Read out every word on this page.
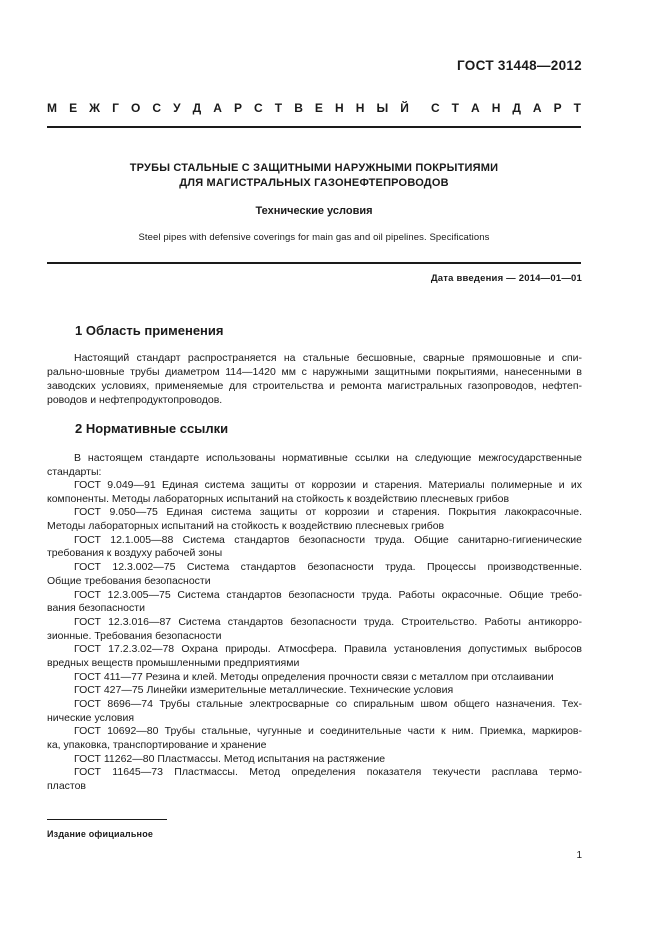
ГОСТ 31448—2012
М Е Ж Г О С У Д А Р С Т В Е Н Н Ы Й С Т А Н Д А Р Т
ТРУБЫ СТАЛЬНЫЕ С ЗАЩИТНЫМИ НАРУЖНЫМИ ПОКРЫТИЯМИ
ДЛЯ МАГИСТРАЛЬНЫХ ГАЗОНЕФТЕПРОВОДОВ
Технические условия
Steel pipes with defensive coverings for main gas and oil pipelines. Specifications
Дата введения — 2014—01—01
1 Область применения
Настоящий стандарт распространяется на стальные бесшовные, сварные прямошовные и спи-
рально-шовные трубы диаметром 114—1420 мм с наружными защитными покрытиями, нанесенными в
заводских условиях, применяемые для строительства и ремонта магистральных газопроводов, нефтеп-
роводов и нефтепродуктопроводов.
2 Нормативные ссылки
В настоящем стандарте использованы нормативные ссылки на следующие межгосударственные
стандарты:
ГОСТ 9.049—91 Единая система защиты от коррозии и старения. Материалы полимерные и их
компоненты. Методы лабораторных испытаний на стойкость к воздействию плесневых грибов
ГОСТ 9.050—75 Единая система защиты от коррозии и старения. Покрытия лакокрасочные.
Методы лабораторных испытаний на стойкость к воздействию плесневых грибов
ГОСТ 12.1.005—88 Система стандартов безопасности труда. Общие санитарно-гигиенические
требования к воздуху рабочей зоны
ГОСТ 12.3.002—75 Система стандартов безопасности труда. Процессы производственные.
Общие требования безопасности
ГОСТ 12.3.005—75 Система стандартов безопасности труда. Работы окрасочные. Общие требо-
вания безопасности
ГОСТ 12.3.016—87 Система стандартов безопасности труда. Строительство. Работы антикорро-
зионные. Требования безопасности
ГОСТ 17.2.3.02—78 Охрана природы. Атмосфера. Правила установления допустимых выбросов
вредных веществ промышленными предприятиями
ГОСТ 411—77 Резина и клей. Методы определения прочности связи с металлом при отслаивании
ГОСТ 427—75 Линейки измерительные металлические. Технические условия
ГОСТ 8696—74 Трубы стальные электросварные со спиральным швом общего назначения. Тех-
нические условия
ГОСТ 10692—80 Трубы стальные, чугунные и соединительные части к ним. Приемка, маркиров-
ка, упаковка, транспортирование и хранение
ГОСТ 11262—80 Пластмассы. Метод испытания на растяжение
ГОСТ 11645—73 Пластмассы. Метод определения показателя текучести расплава термо-
пластов
Издание официальное
1
